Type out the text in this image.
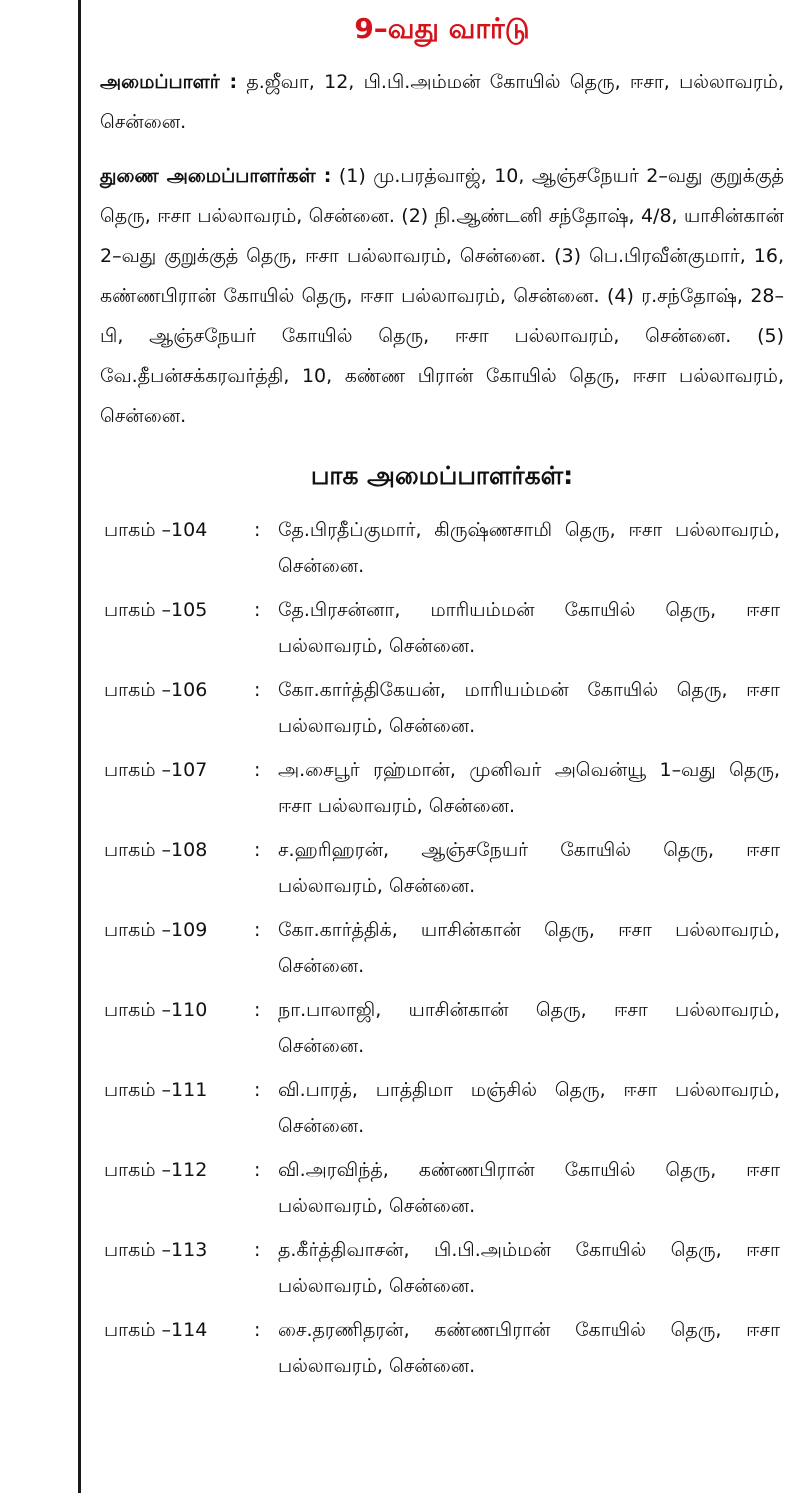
9–வது வார்டு

அமைப்பாளர் : த.ஜீவா, 12, பி.பி.அம்மன் கோயில் தெரு, ஈசா, பல்லாவரம், சென்னை.

துணை அமைப்பாளர்கள் : (1) மு.பரத்வாஜ், 10, ஆஞ்சநேயர் 2–வது குறுக்குத் தெரு, ஈசா பல்லாவரம், சென்னை. (2) நி.ஆண்டனி சந்தோஷ், 4/8, யாசின்கான் 2–வது குறுக்குத் தெரு, ஈசா பல்லாவரம், சென்னை. (3) பெ.பிரவீன்குமார், 16, கண்ணபிரான் கோயில் தெரு, ஈசா பல்லாவரம், சென்னை. (4) ர.சந்தோஷ், 28–பி, ஆஞ்சநேயர் கோயில் தெரு, ஈசா பல்லாவரம், சென்னை. (5) வே.தீபன்சக்கரவர்த்தி, 10, கண்ண பிரான் கோயில் தெரு, ஈசா பல்லாவரம், சென்னை.

பாக அமைப்பாளர்கள்:
பாகம் –104 : தே.பிரதீப்குமார், கிருஷ்ணசாமி தெரு, ஈசா பல்லாவரம், சென்னை.
பாகம் –105 : தே.பிரசன்னா, மாரியம்மன் கோயில் தெரு, ஈசா பல்லாவரம், சென்னை.
பாகம் –106 : கோ.கார்த்திகேயன், மாரியம்மன் கோயில் தெரு, ஈசா பல்லாவரம், சென்னை.
பாகம் –107 : அ.சைபூர் ரஹ்மான், முனிவர் அவென்யூ 1–வது தெரு, ஈசா பல்லாவரம், சென்னை.
பாகம் –108 : ச.ஹரிஹரன், ஆஞ்சநேயர் கோயில் தெரு, ஈசா பல்லாவரம், சென்னை.
பாகம் –109 : கோ.கார்த்திக், யாசின்கான் தெரு, ஈசா பல்லாவரம், சென்னை.
பாகம் –110 : நா.பாலாஜி, யாசின்கான் தெரு, ஈசா பல்லாவரம், சென்னை.
பாகம் –111 : வி.பாரத், பாத்திமா மஞ்சில் தெரு, ஈசா பல்லாவரம், சென்னை.
பாகம் –112 : வி.அரவிந்த், கண்ணபிரான் கோயில் தெரு, ஈசா பல்லாவரம், சென்னை.
பாகம் –113 : த.கீர்த்திவாசன், பி.பி.அம்மன் கோயில் தெரு, ஈசா பல்லாவரம், சென்னை.
பாகம் –114 : சை.தரணிதரன், கண்ணபிரான் கோயில் தெரு, ஈசா பல்லாவரம், சென்னை.
